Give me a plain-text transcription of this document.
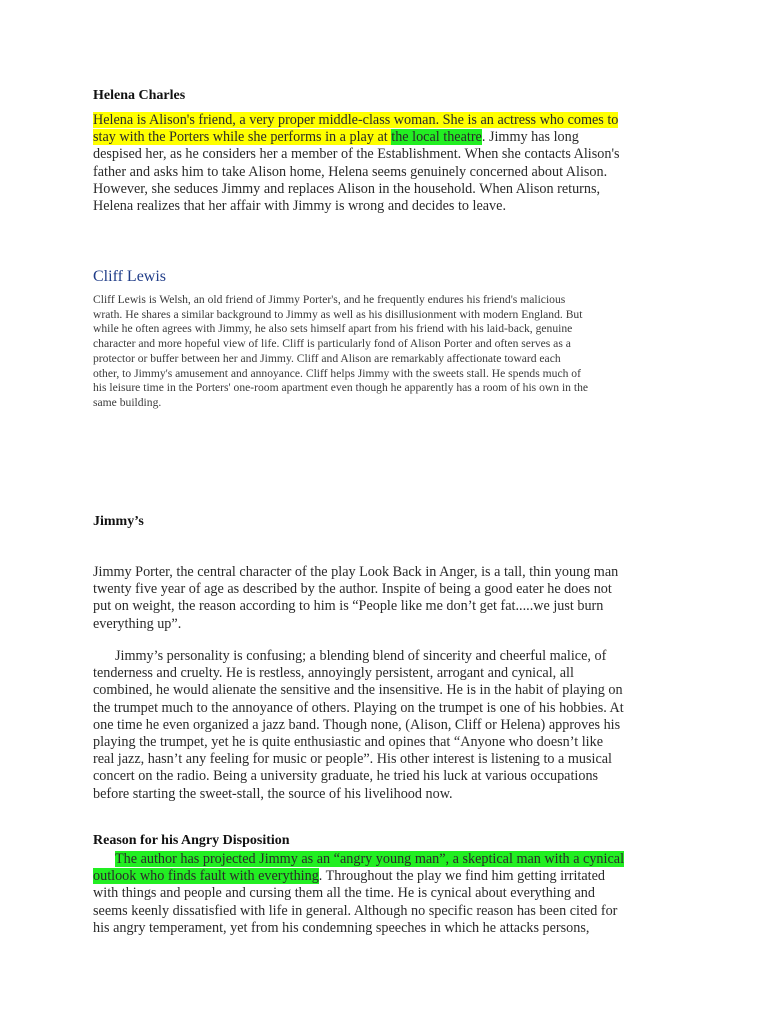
Helena Charles
Helena is Alison's friend, a very proper middle-class woman. She is an actress who comes to
stay with the Porters while she performs in a play at the local theatre. Jimmy has long
despised her, as he considers her a member of the Establishment. When she contacts Alison's
father and asks him to take Alison home, Helena seems genuinely concerned about Alison.
However, she seduces Jimmy and replaces Alison in the household. When Alison returns,
Helena realizes that her affair with Jimmy is wrong and decides to leave.
Cliff Lewis
Cliff Lewis is Welsh, an old friend of Jimmy Porter's, and he frequently endures his friend's malicious
wrath. He shares a similar background to Jimmy as well as his disillusionment with modern England. But
while he often agrees with Jimmy, he also sets himself apart from his friend with his laid-back, genuine
character and more hopeful view of life. Cliff is particularly fond of Alison Porter and often serves as a
protector or buffer between her and Jimmy. Cliff and Alison are remarkably affectionate toward each
other, to Jimmy's amusement and annoyance. Cliff helps Jimmy with the sweets stall. He spends much of
his leisure time in the Porters' one-room apartment even though he apparently has a room of his own in the
same building.
Jimmy’s
Jimmy Porter, the central character of the play Look Back in Anger, is a tall, thin young man
twenty five year of age as described by the author. Inspite of being a good eater he does not
put on weight, the reason according to him is “People like me don’t get fat.....we just burn
everything up”.
Jimmy’s personality is confusing; a blending blend of sincerity and cheerful malice, of
tenderness and cruelty. He is restless, annoyingly persistent, arrogant and cynical, all
combined, he would alienate the sensitive and the insensitive. He is in the habit of playing on
the trumpet much to the annoyance of others. Playing on the trumpet is one of his hobbies. At
one time he even organized a jazz band. Though none, (Alison, Cliff or Helena) approves his
playing the trumpet, yet he is quite enthusiastic and opines that “Anyone who doesn’t like
real jazz, hasn’t any feeling for music or people”. His other interest is listening to a musical
concert on the radio. Being a university graduate, he tried his luck at various occupations
before starting the sweet-stall, the source of his livelihood now.
Reason for his Angry Disposition
The author has projected Jimmy as an “angry young man”, a skeptical man with a cynical
outlook who finds fault with everything. Throughout the play we find him getting irritated
with things and people and cursing them all the time. He is cynical about everything and
seems keenly dissatisfied with life in general. Although no specific reason has been cited for
his angry temperament, yet from his condemning speeches in which he attacks persons,
